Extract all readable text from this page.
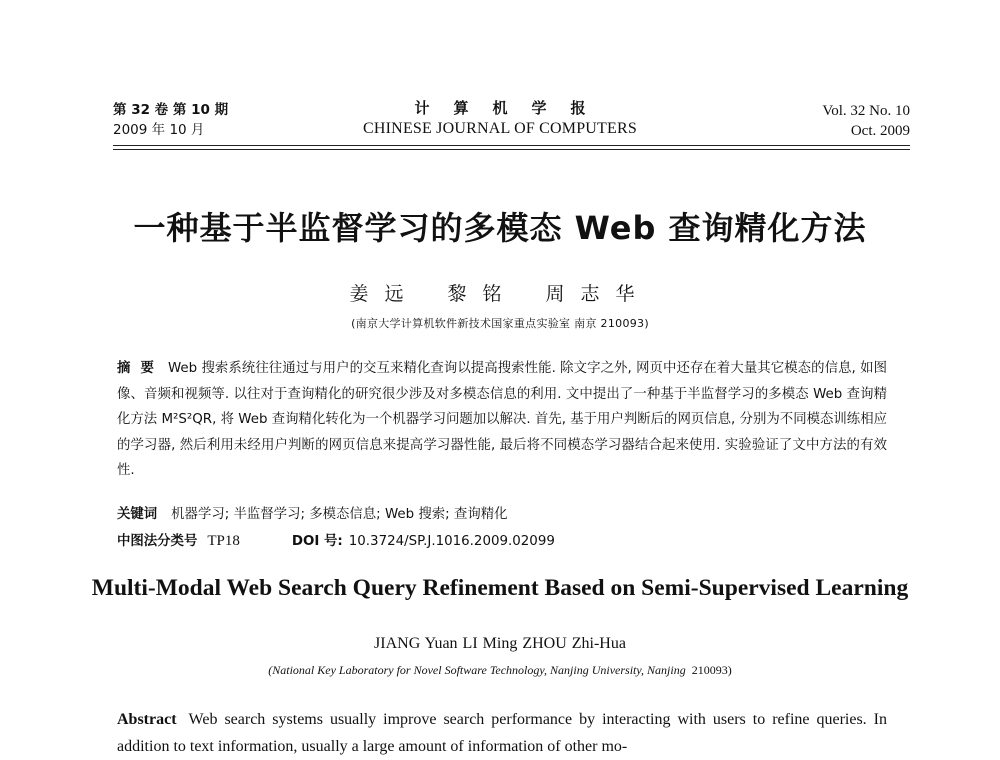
第 32 卷 第 10 期
2009 年 10 月
计算机学报
CHINESE JOURNAL OF COMPUTERS
Vol. 32 No. 10
Oct. 2009
一种基于半监督学习的多模态 Web 查询精化方法
姜远 黎铭 周志华
(南京大学计算机软件新技术国家重点实验室 南京 210093)
摘要 Web 搜索系统往往通过与用户的交互来精化查询以提高搜索性能. 除文字之外, 网页中还存在着大量其它模态的信息, 如图像、音频和视频等. 以往对于查询精化的研究很少涉及对多模态信息的利用. 文中提出了一种基于半监督学习的多模态 Web 查询精化方法 M²S²QR, 将 Web 查询精化转化为一个机器学习问题加以解决. 首先, 基于用户判断后的网页信息, 分别为不同模态训练相应的学习器, 然后利用未经用户判断的网页信息来提高学习器性能, 最后将不同模态学习器结合起来使用. 实验验证了文中方法的有效性.
关键词 机器学习; 半监督学习; 多模态信息; Web 搜索; 查询精化
中图法分类号 TP18	DOI 号: 10.3724/SP.J.1016.2009.02099
Multi-Modal Web Search Query Refinement Based on Semi-Supervised Learning
JIANG Yuan LI Ming ZHOU Zhi-Hua
(National Key Laboratory for Novel Software Technology, Nanjing University, Nanjing 210093)
Abstract Web search systems usually improve search performance by interacting with users to refine queries. In addition to text information, usually a large amount of information of other mo-
